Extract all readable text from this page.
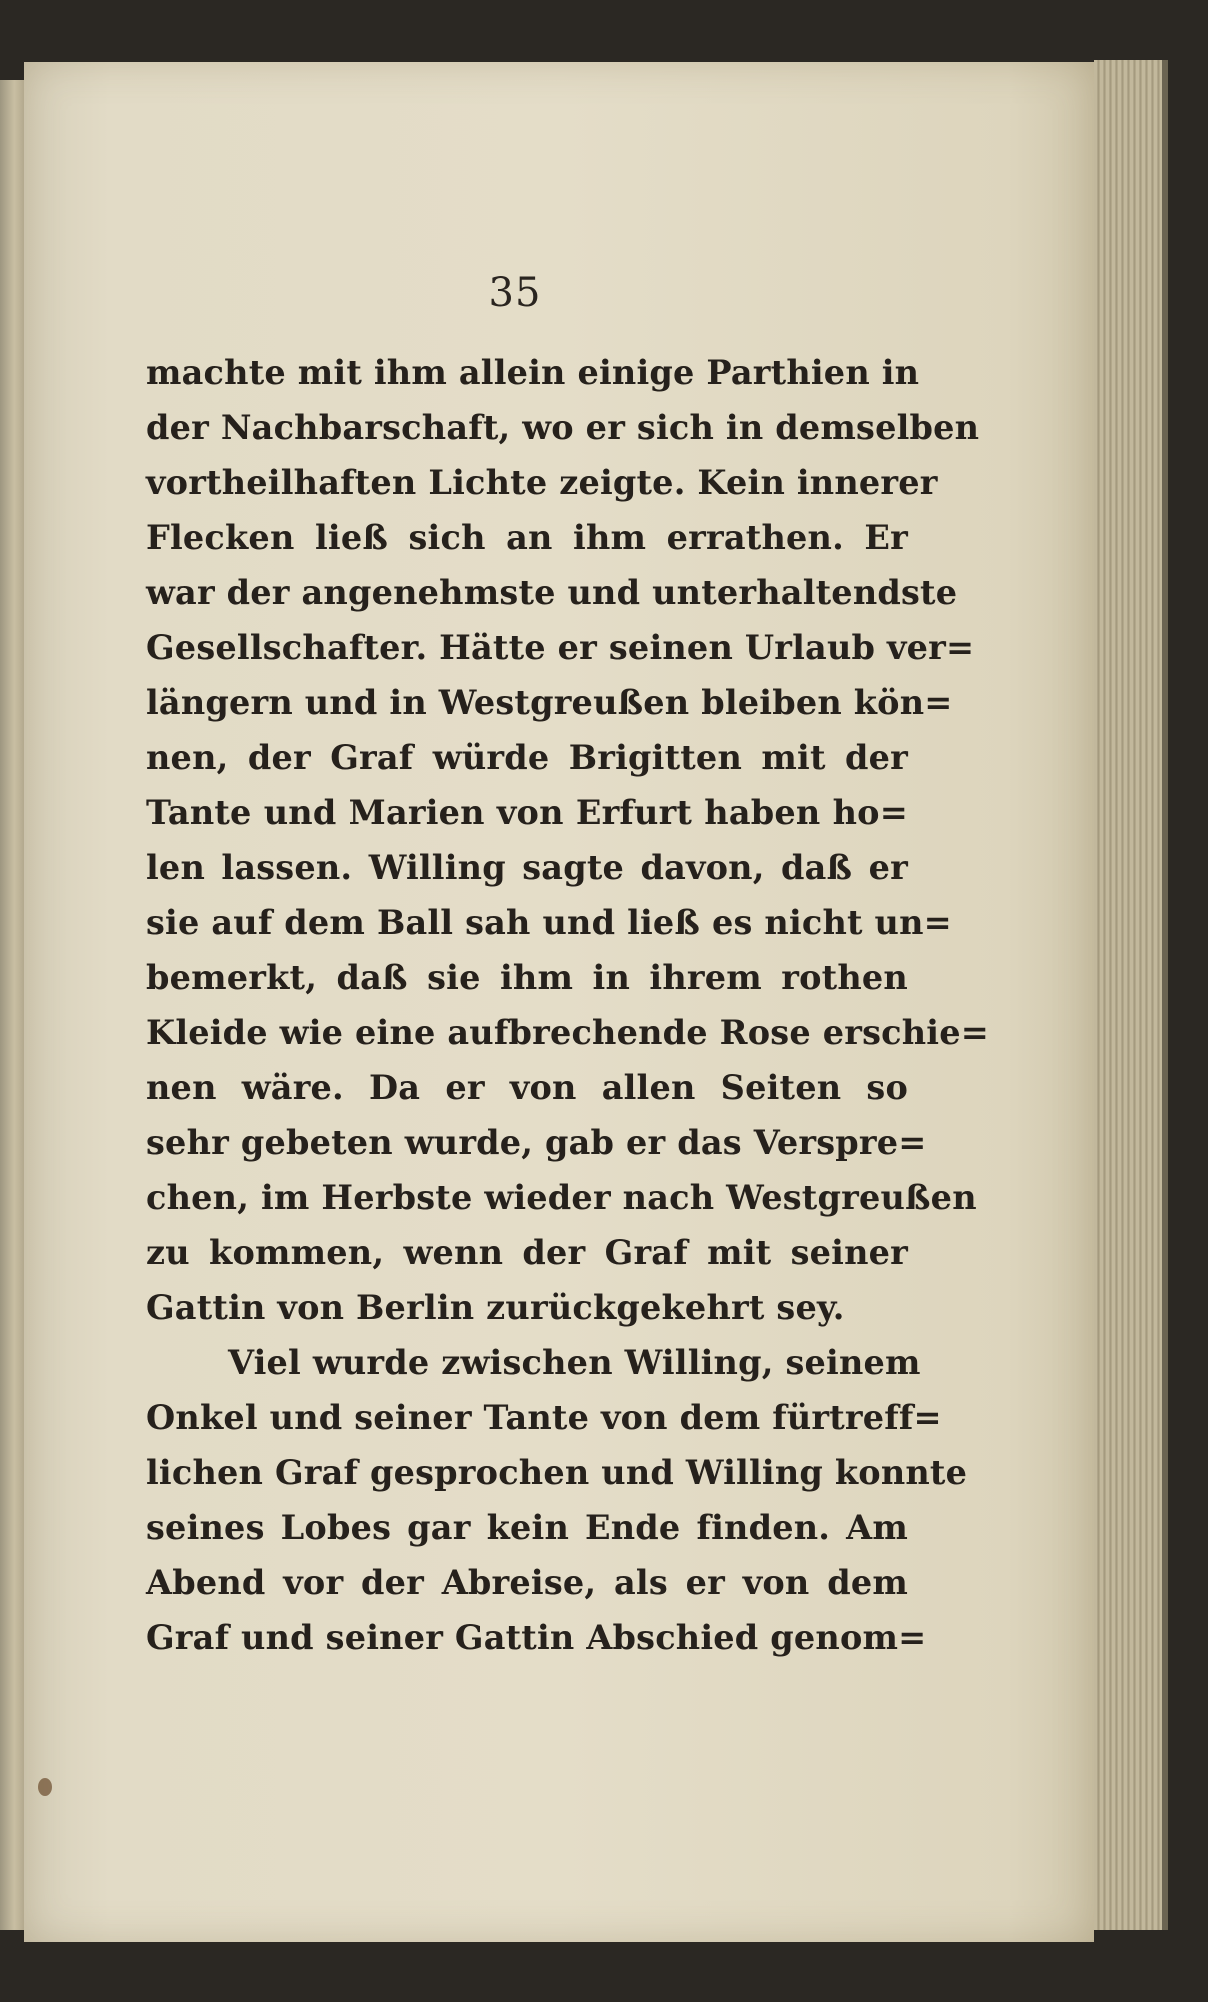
35
machte mit ihm allein einige Parthien in
der Nachbarschaft, wo er sich in demselben
vortheilhaften Lichte zeigte. Kein innerer
Flecken ließ sich an ihm errathen. Er
war der angenehmste und unterhaltendste
Gesellschafter. Hätte er seinen Urlaub ver=
längern und in Westgreußen bleiben kön=
nen, der Graf würde Brigitten mit der
Tante und Marien von Erfurt haben ho=
len lassen. Willing sagte davon, daß er
sie auf dem Ball sah und ließ es nicht un=
bemerkt, daß sie ihm in ihrem rothen
Kleide wie eine aufbrechende Rose erschie=
nen wäre. Da er von allen Seiten so
sehr gebeten wurde, gab er das Verspre=
chen, im Herbste wieder nach Westgreußen
zu kommen, wenn der Graf mit seiner
Gattin von Berlin zurückgekehrt sey.
Viel wurde zwischen Willing, seinem
Onkel und seiner Tante von dem fürtreff=
lichen Graf gesprochen und Willing konnte
seines Lobes gar kein Ende finden. Am
Abend vor der Abreise, als er von dem
Graf und seiner Gattin Abschied genom=
